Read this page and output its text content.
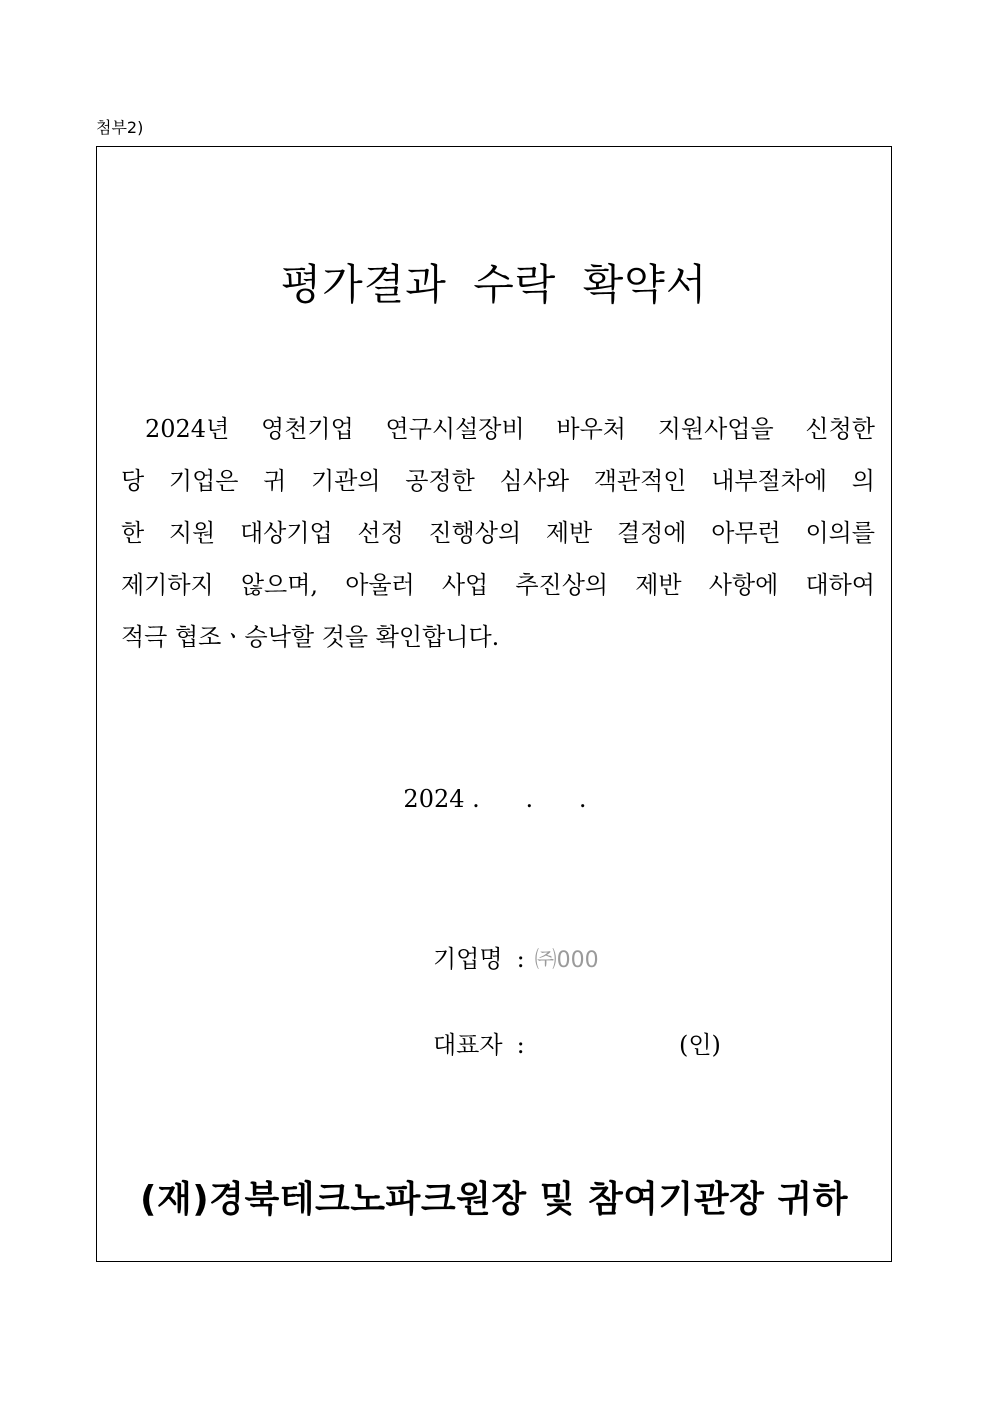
첨부2)
평가결과 수락 확약서
2024년 영천기업 연구시설장비 바우처 지원사업을 신청한
당 기업은 귀 기관의 공정한 심사와 객관적인 내부절차에 의
한 지원 대상기업 선정 진행상의 제반 결정에 아무런 이의를
제기하지 않으며, 아울러 사업 추진상의 제반 사항에 대하여
적극 협조ㆍ승낙할 것을 확인합니다.
2024 .      .      .
기업명 : ㈜000
대표자 :	(인)
(재)경북테크노파크원장 및 참여기관장 귀하
